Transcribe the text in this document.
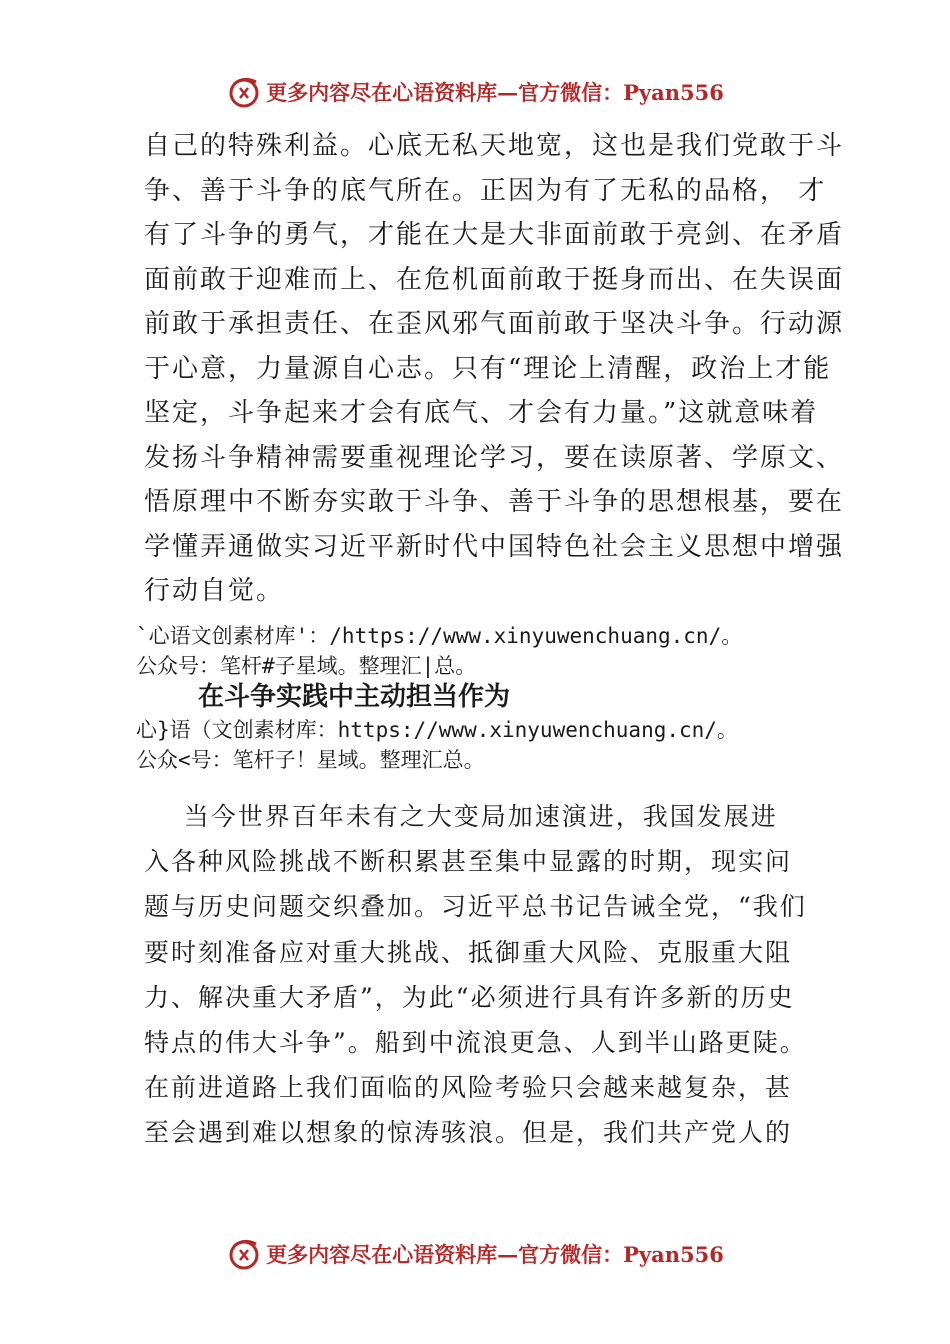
更多内容尽在心语资料库—官方微信：Pyan556
自己的特殊利益。心底无私天地宽，这也是我们党敢于斗
争、善于斗争的底气所在。正因为有了无私的品格， 才
有了斗争的勇气，才能在大是大非面前敢于亮剑、在矛盾
面前敢于迎难而上、在危机面前敢于挺身而出、在失误面
前敢于承担责任、在歪风邪气面前敢于坚决斗争。行动源
于心意，力量源自心志。只有“理论上清醒，政治上才能
坚定，斗争起来才会有底气、才会有力量。”这就意味着
发扬斗争精神需要重视理论学习，要在读原著、学原文、
悟原理中不断夯实敢于斗争、善于斗争的思想根基，要在
学懂弄通做实习近平新时代中国特色社会主义思想中增强
行动自觉。
`心语文创素材库'：/https://www.xinyuwenchuang.cn/。
公众号：笔杆#子星域。整理汇|总。
在斗争实践中主动担当作为
心}语（文创素材库：https://www.xinyuwenchuang.cn/。
公众<号：笔杆子！星域。整理汇总。
当今世界百年未有之大变局加速演进，我国发展进
入各种风险挑战不断积累甚至集中显露的时期，现实问
题与历史问题交织叠加。习近平总书记告诫全党，“我们
要时刻准备应对重大挑战、抵御重大风险、克服重大阻
力、解决重大矛盾”，为此“必须进行具有许多新的历史
特点的伟大斗争”。船到中流浪更急、人到半山路更陡。
在前进道路上我们面临的风险考验只会越来越复杂，甚
至会遇到难以想象的惊涛骇浪。但是，我们共产党人的
更多内容尽在心语资料库—官方微信：Pyan556
